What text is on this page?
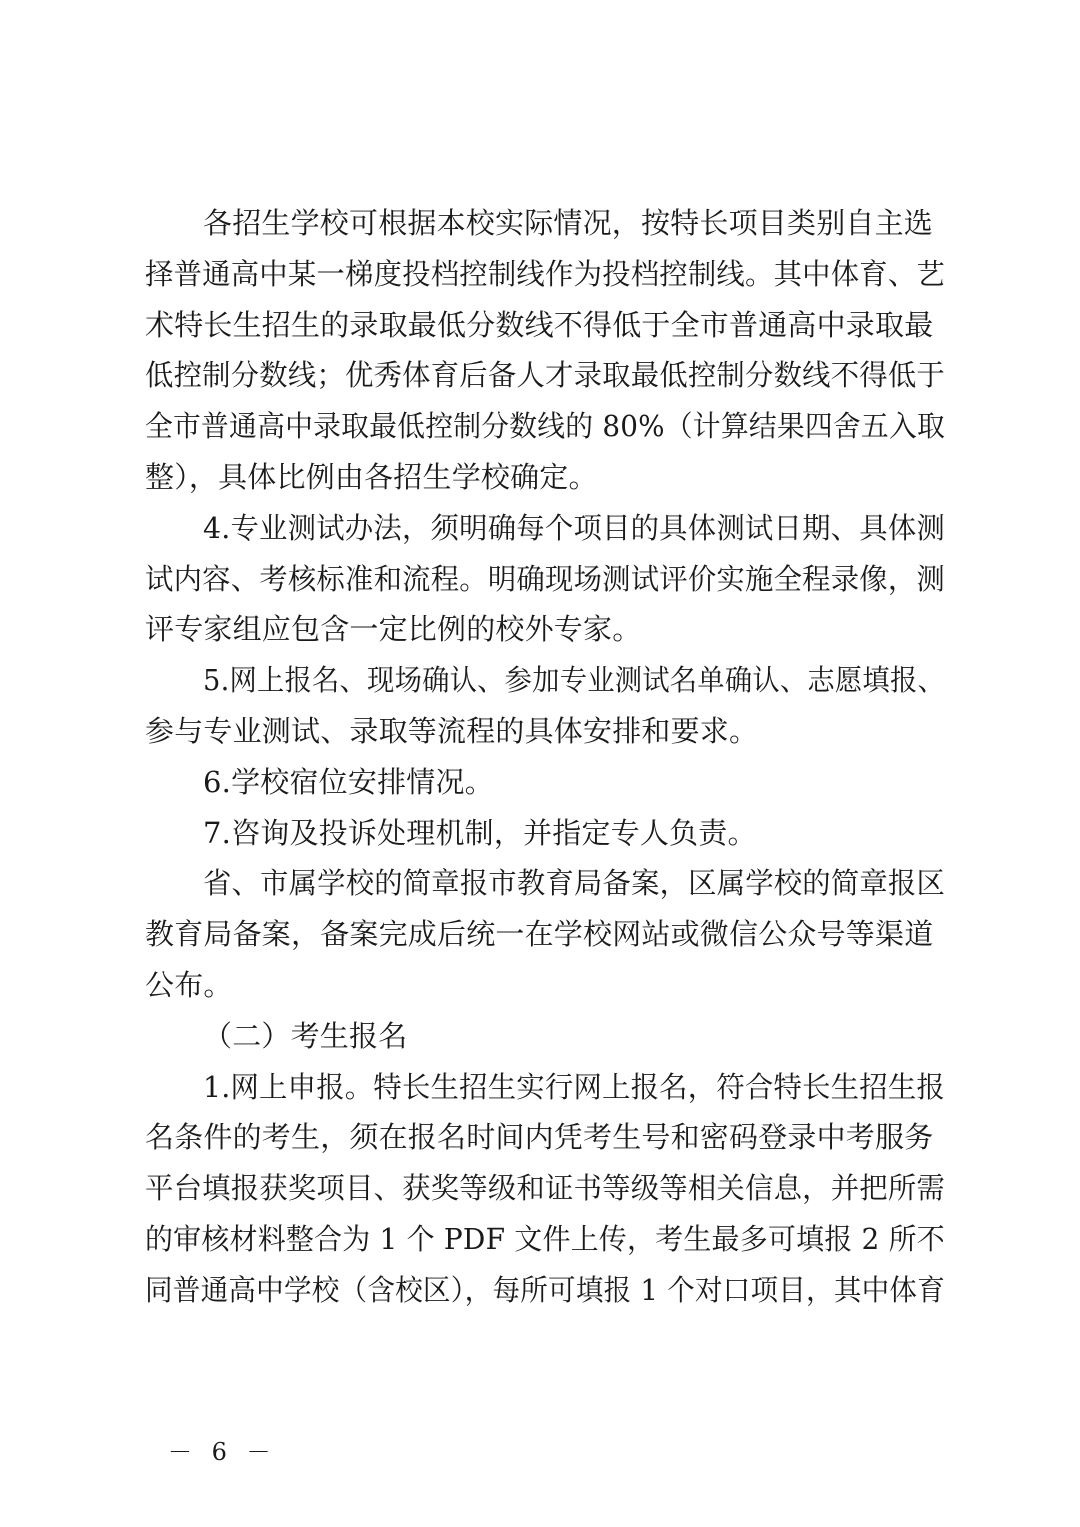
各招生学校可根据本校实际情况，按特长项目类别自主选
择普通高中某一梯度投档控制线作为投档控制线。其中体育、艺
术特长生招生的录取最低分数线不得低于全市普通高中录取最
低控制分数线；优秀体育后备人才录取最低控制分数线不得低于
全市普通高中录取最低控制分数线的 80%（计算结果四舍五入取
整），具体比例由各招生学校确定。
4.专业测试办法，须明确每个项目的具体测试日期、具体测
试内容、考核标准和流程。明确现场测试评价实施全程录像，测
评专家组应包含一定比例的校外专家。
5.网上报名、现场确认、参加专业测试名单确认、志愿填报、
参与专业测试、录取等流程的具体安排和要求。
6.学校宿位安排情况。
7.咨询及投诉处理机制，并指定专人负责。
省、市属学校的简章报市教育局备案，区属学校的简章报区
教育局备案，备案完成后统一在学校网站或微信公众号等渠道
公布。
（二）考生报名
1.网上申报。特长生招生实行网上报名，符合特长生招生报
名条件的考生，须在报名时间内凭考生号和密码登录中考服务
平台填报获奖项目、获奖等级和证书等级等相关信息，并把所需
的审核材料整合为 1 个 PDF 文件上传，考生最多可填报 2 所不
同普通高中学校（含校区），每所可填报 1 个对口项目，其中体育
－ 6 －
